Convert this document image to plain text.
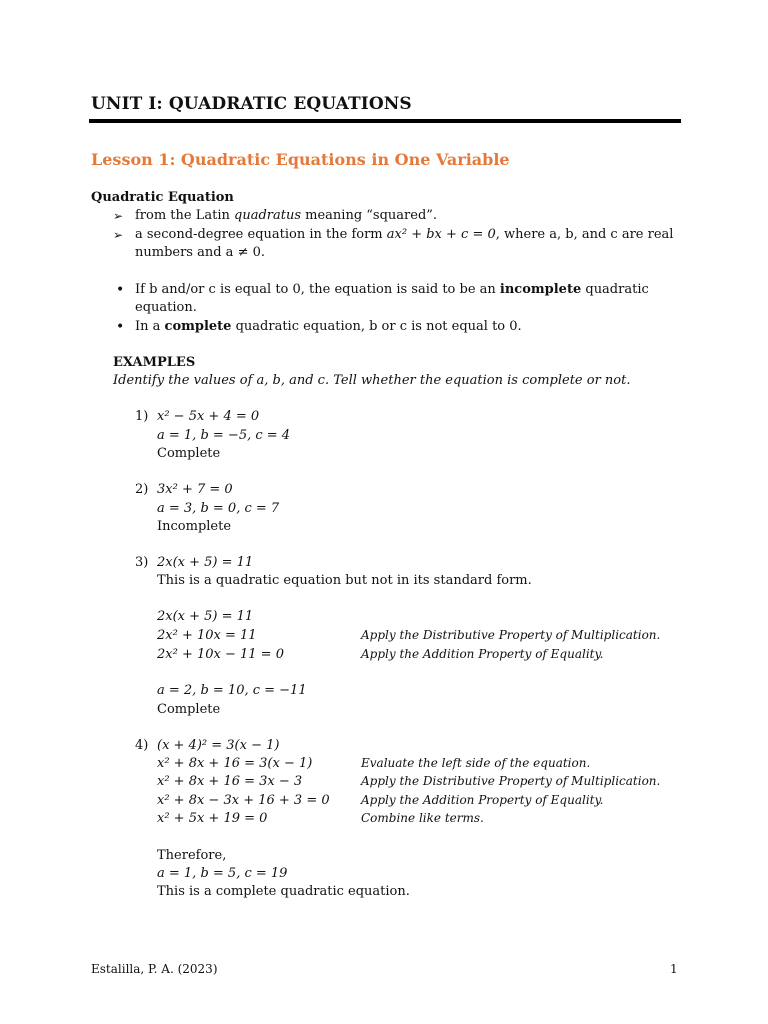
UNIT I: QUADRATIC EQUATIONS
Lesson 1: Quadratic Equations in One Variable
Quadratic Equation
➢ from the Latin quadratus meaning “squared”.
➢ a second-degree equation in the form ax² + bx + c = 0, where a, b, and c are real
numbers and a ≠ 0.
• If b and/or c is equal to 0, the equation is said to be an incomplete quadratic
equation.
• In a complete quadratic equation, b or c is not equal to 0.
EXAMPLES
Identify the values of a, b, and c. Tell whether the equation is complete or not.
1) x² − 5x + 4 = 0
a = 1, b = −5, c = 4
Complete
2) 3x² + 7 = 0
a = 3, b = 0, c = 7
Incomplete
3) 2x(x + 5) = 11
This is a quadratic equation but not in its standard form.
2x(x + 5) = 11
2x² + 10x = 11	Apply the Distributive Property of Multiplication.
2x² + 10x − 11 = 0	Apply the Addition Property of Equality.
a = 2, b = 10, c = −11
Complete
4) (x + 4)² = 3(x − 1)
x² + 8x + 16 = 3(x − 1)	Evaluate the left side of the equation.
x² + 8x + 16 = 3x − 3	Apply the Distributive Property of Multiplication.
x² + 8x − 3x + 16 + 3 = 0	Apply the Addition Property of Equality.
x² + 5x + 19 = 0	Combine like terms.
Therefore,
a = 1, b = 5, c = 19
This is a complete quadratic equation.
Estalilla, P. A. (2023)	1
